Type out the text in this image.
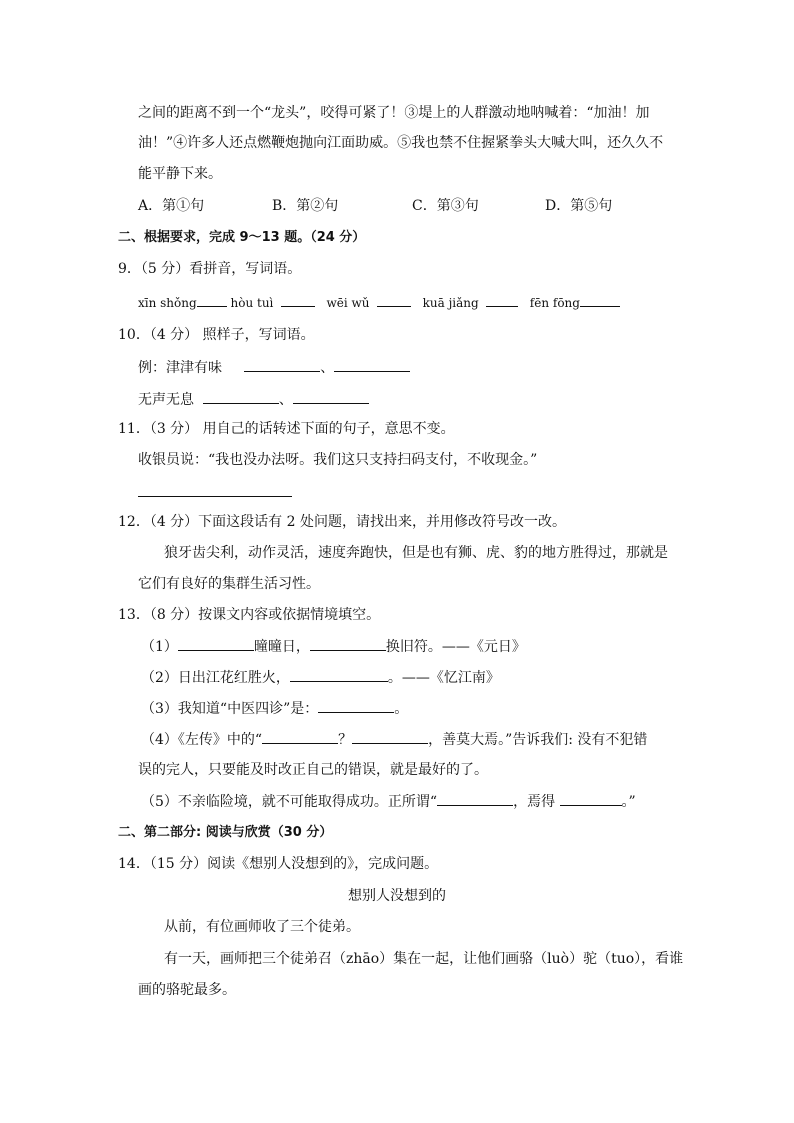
之间的距离不到一个“龙头”，咬得可紧了！③堤上的人群激动地呐喊着：“加油！加
油！”④许多人还点燃鞭炮抛向江面助威。⑤我也禁不住握紧拳头大喊大叫，还久久不
能平静下来。
A．第①句	B．第②句	C．第③句	D．第⑤句
二、根据要求，完成 9～13 题。（24 分）
9．（5 分）看拼音，写词语。
xīn shǒng	hòu tuì	wēi wǔ	kuā jiǎng	fēn fōng
10．（4 分） 照样子，写词语。
例：津津有味	、
无声无息	、
11．（3 分） 用自己的话转述下面的句子，意思不变。
收银员说：“我也没办法呀。我们这只支持扫码支付，不收现金。”
12．（4 分）下面这段话有 2 处问题，请找出来，并用修改符号改一改。
狼牙齿尖利，动作灵活，速度奔跑快，但是也有狮、虎、豹的地方胜得过，那就是
它们有良好的集群生活习性。
13．（8 分）按课文内容或依据情境填空。
（1）	曈曈日，	换旧符。——《元日》
（2）日出江花红胜火，	。——《忆江南》
（3）我知道“中医四诊”是：	。
（4）《左传》中的“	？	，善莫大焉。”告诉我们: 没有不犯错
误的完人，只要能及时改正自己的错误，就是最好的了。
（5）不亲临险境，就不可能取得成功。正所谓“	，焉得	。”
二、第二部分: 阅读与欣赏（30 分）
14．（15 分）阅读《想别人没想到的》，完成问题。
想别人没想到的
从前，有位画师收了三个徒弟。
有一天，画师把三个徒弟召（zhāo）集在一起，让他们画骆（luò）驼（tuo），看谁
画的骆驼最多。
